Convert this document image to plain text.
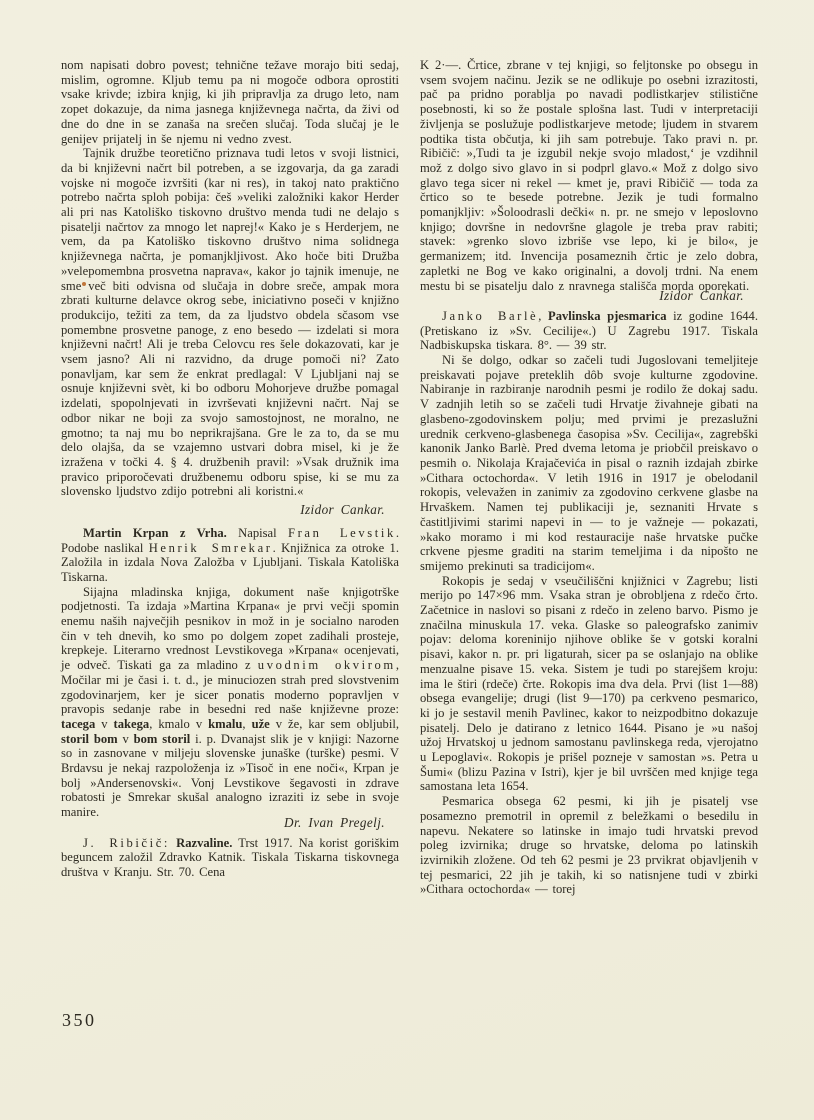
nom napisati dobro povest; tehnične težave morajo biti sedaj, mislim, ogromne. Kljub temu pa ni mogoče odbora oprostiti vsake krivde; izbira knjig, ki jih pripravlja za drugo leto, nam zopet dokazuje, da nima jasnega književnega načrta, da živi od dne do dne in se zanaša na srečen slučaj. Toda slučaj je le genijev prijatelj in še njemu ni vedno zvest.
Tajnik družbe teoretično priznava tudi letos v svoji listnici, da bi književni načrt bil potreben, a se izgovarja, da ga zaradi vojske ni mogoče izvršiti (kar ni res), in takoj nato praktično potrebo načrta sploh pobija: češ »veliki založniki kakor Herder ali pri nas Katoliško tiskovno društvo menda tudi ne delajo s pisatelji načrtov za mnogo let naprej!« Kako je s Herderjem, ne vem, da pa Katoliško tiskovno društvo nima solidnega književnega načrta, je pomanjkljivost. Ako hoče biti Družba »velepomembna prosvetna naprava«, kakor jo tajnik imenuje, ne sme več biti odvisna od slučaja in dobre sreče, ampak mora zbrati kulturne delavce okrog sebe, iniciativno poseči v knjižno produkcijo, težiti za tem, da za ljudstvo obdela sčasom vse pomembne prosvetne panoge, z eno besedo — izdelati si mora književni načrt! Ali je treba Celovcu res šele dokazovati, kar je vsem jasno? Ali ni razvidno, da druge pomoči ni? Zato ponavljam, kar sem že enkrat predlagal: V Ljubljani naj se osnuje književni svèt, ki bo odboru Mohorjeve družbe pomagal izdelati, spopolnjevati in izvrševati književni načrt. Naj se odbor nikar ne boji za svojo samostojnost, ne moralno, ne gmotno; ta naj mu bo neprikrajšana. Gre le za to, da se mu delo olajša, da se vzajemno ustvari dobra misel, ki je že izražena v točki 4. § 4. družbenih pravil: »Vsak družnik ima pravico priporočevati družbenemu odboru spise, ki se mu za slovensko ljudstvo zdijo potrebni ali koristni.«
Izidor Cankar.
Martin Krpan z Vrha. Napisal Fran Levstik. Podobe naslikal Henrik Smrekar. Knjižnica za otroke 1. Založila in izdala Nova Založba v Ljubljani. Tiskala Katoliška Tiskarna.
Sijajna mladinska knjiga, dokument naše knjigotrške podjetnosti. Ta izdaja »Martina Krpana« je prvi večji spomin enemu naših največjih pesnikov in mož in je socialno naroden čin v teh dnevih, ko smo po dolgem zopet zadihali prosteje, krepkeje. Literarno vrednost Levstikovega »Krpana« ocenjevati, je odveč. Tiskati ga za mladino z uvodnim okvirom, Močilar mi je časi i. t. d., je minuciozen strah pred slovstvenim zgodovinarjem, ker je sicer ponatis moderno popravljen v pravopis sedanje rabe in besedni red naše književne proze: tacega v takega, kmalo v kmalu, uže v že, kar sem obljubil, storil bom v bom storil i. p. Dvanajst slik je v knjigi: Nazorne so in zasnovane v miljeju slovenske junaške (turške) pesmi. V Brdavsu je nekaj razpoloženja iz »Tisoč in ene noči«, Krpan je bolj »Andersenovski«. Vonj Levstikove šegavosti in zdrave robatosti je Smrekar skušal analogno izraziti iz sebe in svoje manire.
Dr. Ivan Pregelj.
J. Ribičič: Razvaline. Trst 1917. Na korist goriškim beguncem založil Zdravko Katnik. Tiskala Tiskarna tiskovnega društva v Kranju. Str. 70. Cena
K 2·—. Črtice, zbrane v tej knjigi, so feljtonske po obsegu in vsem svojem načinu. Jezik se ne odlikuje po osebni izrazitosti, pač pa pridno porablja po navadi podlistkarjev stilistične posebnosti, ki so že postale splošna last. Tudi v interpretaciji življenja se poslužuje podlistkarjeve metode; ljudem in stvarem podtika tista občutja, ki jih sam potrebuje. Tako pravi n. pr. Ribičič: »,Tudi ta je izgubil nekje svojo mladost,‘ je vzdihnil mož z dolgo sivo glavo in si podprl glavo.« Mož z dolgo sivo glavo tega sicer ni rekel — kmet je, pravi Ribičič — toda za črtico so te besede potrebne. Jezik je tudi formalno pomanjkljiv: »Šoloodrasli dečki« n. pr. ne smejo v leposlovno knjigo; dovršne in nedovršne glagole je treba prav rabiti; stavek: »grenko slovo izbriše vse lepo, ki je bilo«, je germanizem; itd. Invencija posameznih črtic je zelo dobra, zapletki ne Bog ve kako originalni, a dovolj trdni. Na enem mestu bi se pisatelju dalo z nravnega stališča morda oporekati.
Izidor Cankar.
Janko Barlè, Pavlinska pjesmarica iz godine 1644. (Pretiskano iz »Sv. Cecilije«.) U Zagrebu 1917. Tiskala Nadbiskupska tiskara. 8°. — 39 str.
Ni še dolgo, odkar so začeli tudi Jugoslovani temeljiteje preiskavati pojave preteklih dôb svoje kulturne zgodovine. Nabiranje in razbiranje narodnih pesmi je rodilo že dokaj sadu. V zadnjih letih so se začeli tudi Hrvatje živahneje gibati na glasbeno-zgodovinskem polju; med prvimi je prezaslužni urednik cerkveno-glasbenega časopisa »Sv. Cecilija«, zagrebški kanonik Janko Barlè. Pred dvema letoma je priobčil preiskavo o pesmih o. Nikolaja Krajačevića in pisal o raznih izdajah zbirke »Cithara octochorda«. V letih 1916 in 1917 je obelodanil rokopis, velevažen in zanimiv za zgodovino cerkvene glasbe na Hrvaškem. Namen tej publikaciji je, seznaniti Hrvate s častitljivimi starimi napevi in — to je važneje — pokazati, »kako moramo i mi kod restauracije naše hrvatske pučke crkvene pjesme graditi na starim temeljima i da nipošto ne smijemo prekinuti sa tradicijom«.
Rokopis je sedaj v vseučiliščni knjižnici v Zagrebu; listi merijo po 147×96 mm. Vsaka stran je obrobljena z rdečo črto. Začetnice in naslovi so pisani z rdečo in zeleno barvo. Pismo je značilna minuskula 17. veka. Glaske so paleografsko zanimiv pojav: deloma koreninijo njihove oblike še v gotski koralni pisavi, kakor n. pr. pri ligaturah, sicer pa se oslanjajo na oblike menzualne pisave 15. veka. Sistem je tudi po starejšem kroju: ima le štiri (rdeče) črte. Rokopis ima dva dela. Prvi (list 1—88) obsega evangelije; drugi (list 9—170) pa cerkveno pesmarico, ki jo je sestavil menih Pavlinec, kakor to neizpodbitno dokazuje pisatelj. Delo je datirano z letnico 1644. Pisano je »u našoj užoj Hrvatskoj u jednom samostanu pavlinskega reda, vjerojatno u Lepoglavi«. Rokopis je prišel pozneje v samostan »s. Petra u Šumi« (blizu Pazina v Istri), kjer je bil uvrščen med knjige tega samostana leta 1654.
Pesmarica obsega 62 pesmi, ki jih je pisatelj vse posamezno premotril in opremil z beležkami o besedilu in napevu. Nekatere so latinske in imajo tudi hrvatski prevod poleg izvirnika; druge so hrvatske, deloma po latinskih izvirnikih zložene. Od teh 62 pesmi je 23 prvikrat objavljenih v tej pesmarici, 22 jih je takih, ki so natisnjene tudi v zbirki »Cithara octochorda« — torej
350
